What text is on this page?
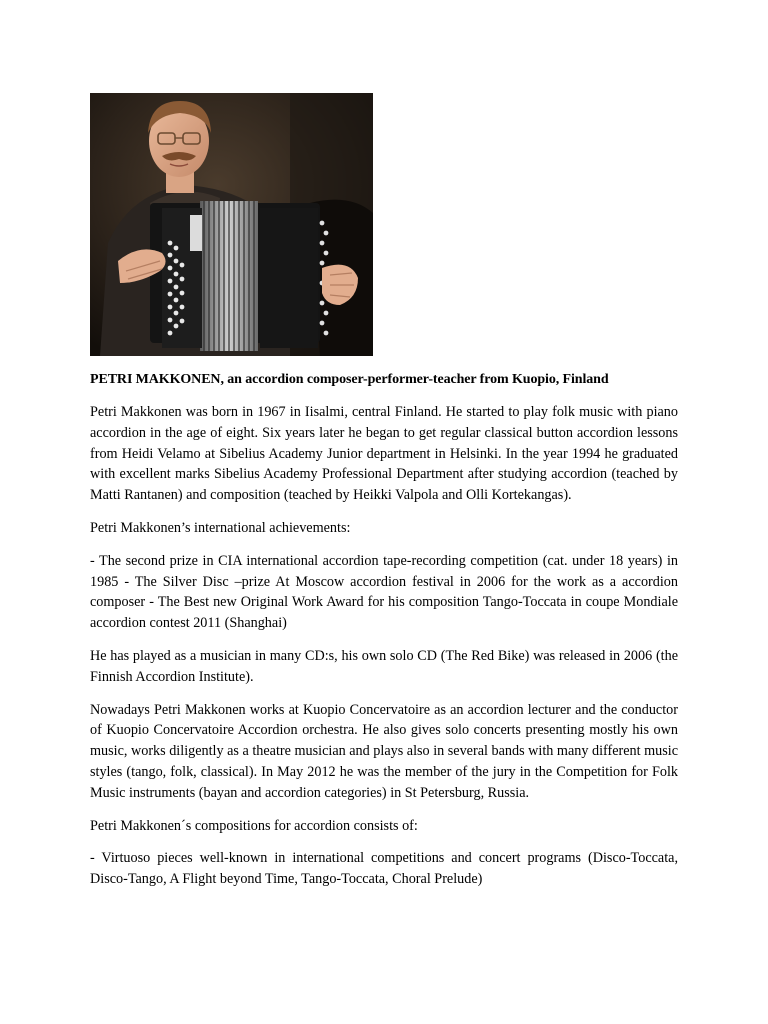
PETRI MAKKONEN, an accordion composer-performer-teacher from Kuopio, Finland

Petri Makkonen was born in 1967 in Iisalmi, central Finland. He started to play folk music with piano accordion in the age of eight. Six years later he began to get regular classical button accordion lessons from Heidi Velamo at Sibelius Academy Junior department in Helsinki. In the year 1994 he graduated with excellent marks Sibelius Academy Professional Department after studying accordion (teached by Matti Rantanen) and composition (teached by Heikki Valpola and Olli Kortekangas).

Petri Makkonen’s international achievements:

- The second prize in CIA international accordion tape-recording competition (cat. under 18 years) in 1985 - The Silver Disc –prize At Moscow accordion festival in 2006 for the work as a accordion composer - The Best new Original Work Award for his composition Tango-Toccata in coupe Mondiale accordion contest 2011 (Shanghai)

He has played as a musician in many CD:s, his own solo CD (The Red Bike) was released in 2006 (the Finnish Accordion Institute).

Nowadays Petri Makkonen works at Kuopio Concervatoire as an accordion lecturer and the conductor of Kuopio Concervatoire Accordion orchestra. He also gives solo concerts presenting mostly his own music, works diligently as a theatre musician and plays also in several bands with many different music styles (tango, folk, classical). In May 2012 he was the member of the jury in the Competition for Folk Music instruments (bayan and accordion categories) in St Petersburg, Russia.

Petri Makkonen´s compositions for accordion consists of:

- Virtuoso pieces well-known in international competitions and concert programs (Disco-Toccata, Disco-Tango, A Flight beyond Time, Tango-Toccata, Choral Prelude)
